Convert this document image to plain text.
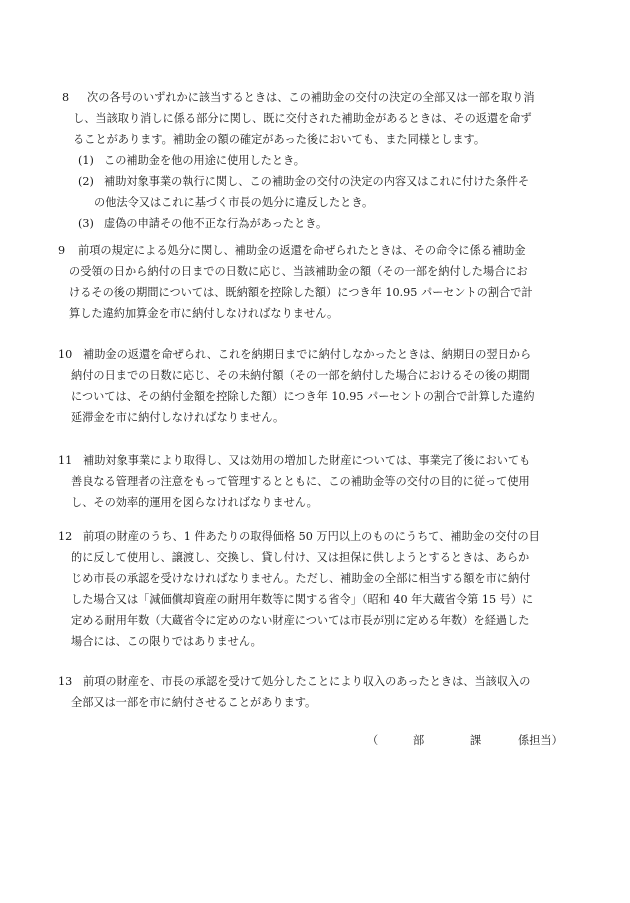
8 次の各号のいずれかに該当するときは、この補助金の交付の決定の全部又は一部を取り消
し、当該取り消しに係る部分に関し、既に交付された補助金があるときは、その返還を命ず
ることがあります。補助金の額の確定があった後においても、また同様とします。
(1) この補助金を他の用途に使用したとき。
(2) 補助対象事業の執行に関し、この補助金の交付の決定の内容又はこれに付けた条件そ
の他法令又はこれに基づく市長の処分に違反したとき。
(3) 虚偽の申請その他不正な行為があったとき。
9 前項の規定による処分に関し、補助金の返還を命ぜられたときは、その命令に係る補助金
の受領の日から納付の日までの日数に応じ、当該補助金の額（その一部を納付した場合にお
けるその後の期間については、既納額を控除した額）につき年 10.95 パーセントの割合で計
算した違約加算金を市に納付しなければなりません。
10 補助金の返還を命ぜられ、これを納期日までに納付しなかったときは、納期日の翌日から
納付の日までの日数に応じ、その未納付額（その一部を納付した場合におけるその後の期間
については、その納付金額を控除した額）につき年 10.95 パーセントの割合で計算した違約
延滞金を市に納付しなければなりません。
11 補助対象事業により取得し、又は効用の増加した財産については、事業完了後においても
善良なる管理者の注意をもって管理するとともに、この補助金等の交付の目的に従って使用
し、その効率的運用を図らなければなりません。
12 前項の財産のうち、1 件あたりの取得価格 50 万円以上のものにうちて、補助金の交付の目
的に反して使用し、譲渡し、交換し、貸し付け、又は担保に供しようとするときは、あらか
じめ市長の承認を受けなければなりません。ただし、補助金の全部に相当する額を市に納付
した場合又は「減価償却資産の耐用年数等に関する省令」（昭和 40 年大蔵省令第 15 号）に
定める耐用年数（大蔵省令に定めのない財産については市長が別に定める年数）を経過した
場合には、この限りではありません。
13 前項の財産を、市長の承認を受けて処分したことにより収入のあったときは、当該収入の
全部又は一部を市に納付させることがあります。
（	部	課	係担当）
